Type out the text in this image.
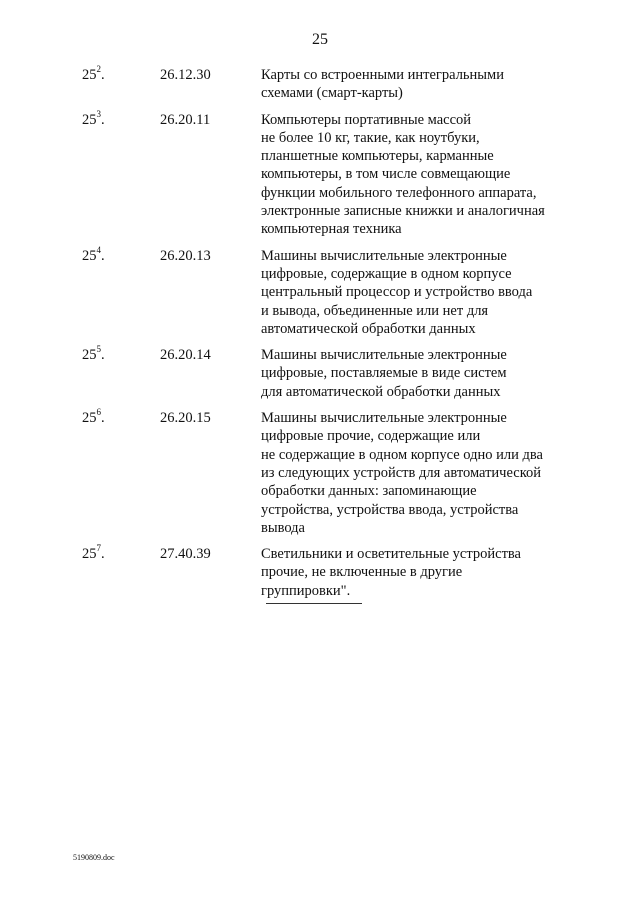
25
$25^2$.	26.12.30	Карты со встроенными интегральными
схемами (смарт-карты)
$25^3$.	26.20.11	Компьютеры портативные массой
не более 10 кг, такие, как ноутбуки,
планшетные компьютеры, карманные
компьютеры, в том числе совмещающие
функции мобильного телефонного аппарата,
электронные записные книжки и аналогичная
компьютерная техника
$25^4$.	26.20.13	Машины вычислительные электронные
цифровые, содержащие в одном корпусе
центральный процессор и устройство ввода
и вывода, объединенные или нет для
автоматической обработки данных
$25^5$.	26.20.14	Машины вычислительные электронные
цифровые, поставляемые в виде систем
для автоматической обработки данных
$25^6$.	26.20.15	Машины вычислительные электронные
цифровые прочие, содержащие или
не содержащие в одном корпусе одно или два
из следующих устройств для автоматической
обработки данных: запоминающие
устройства, устройства ввода, устройства
вывода
$25^7$.	27.40.39	Светильники и осветительные устройства
прочие, не включенные в другие
группировки".
5190809.doc
